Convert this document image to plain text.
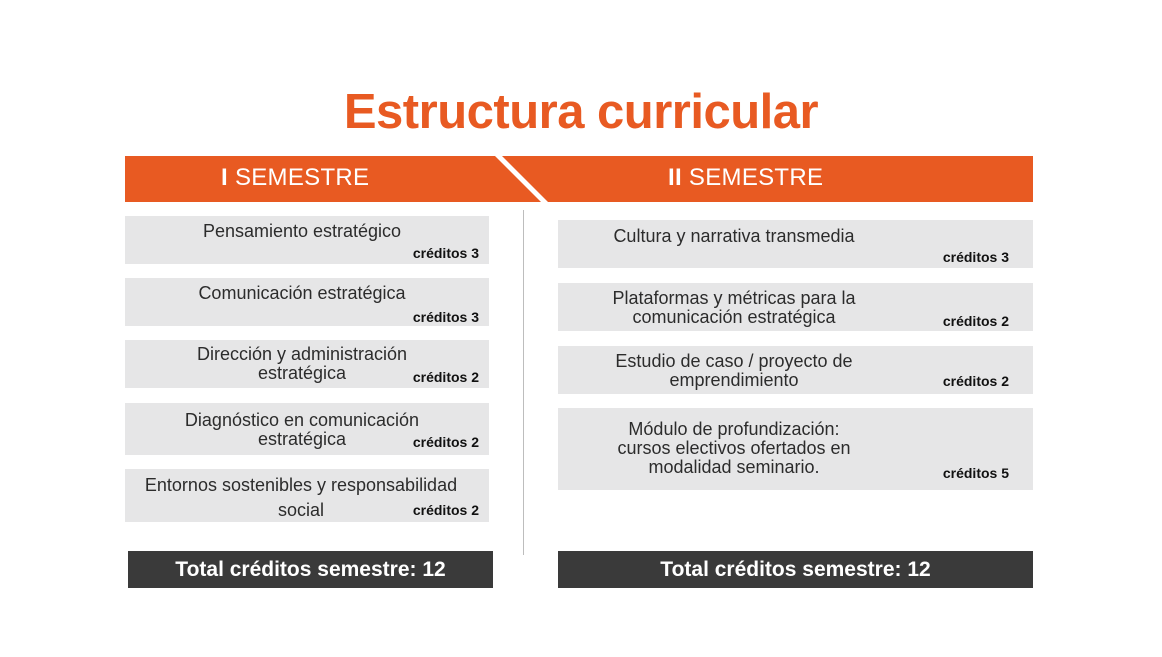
Estructura curricular
I SEMESTRE	II SEMESTRE
Pensamiento estratégico
créditos 3
Comunicación estratégica
créditos 3
Dirección y administración
estratégica	créditos 2
Diagnóstico en comunicación
estratégica	créditos 2
Entornos sostenibles y responsabilidad
social	créditos 2
Cultura y narrativa transmedia
créditos 3
Plataformas y métricas para la
comunicación estratégica	créditos 2
Estudio de caso / proyecto de
emprendimiento	créditos 2
Módulo de profundización:
cursos electivos ofertados en
modalidad seminario.	créditos 5
Total créditos semestre: 12	Total créditos semestre: 12
